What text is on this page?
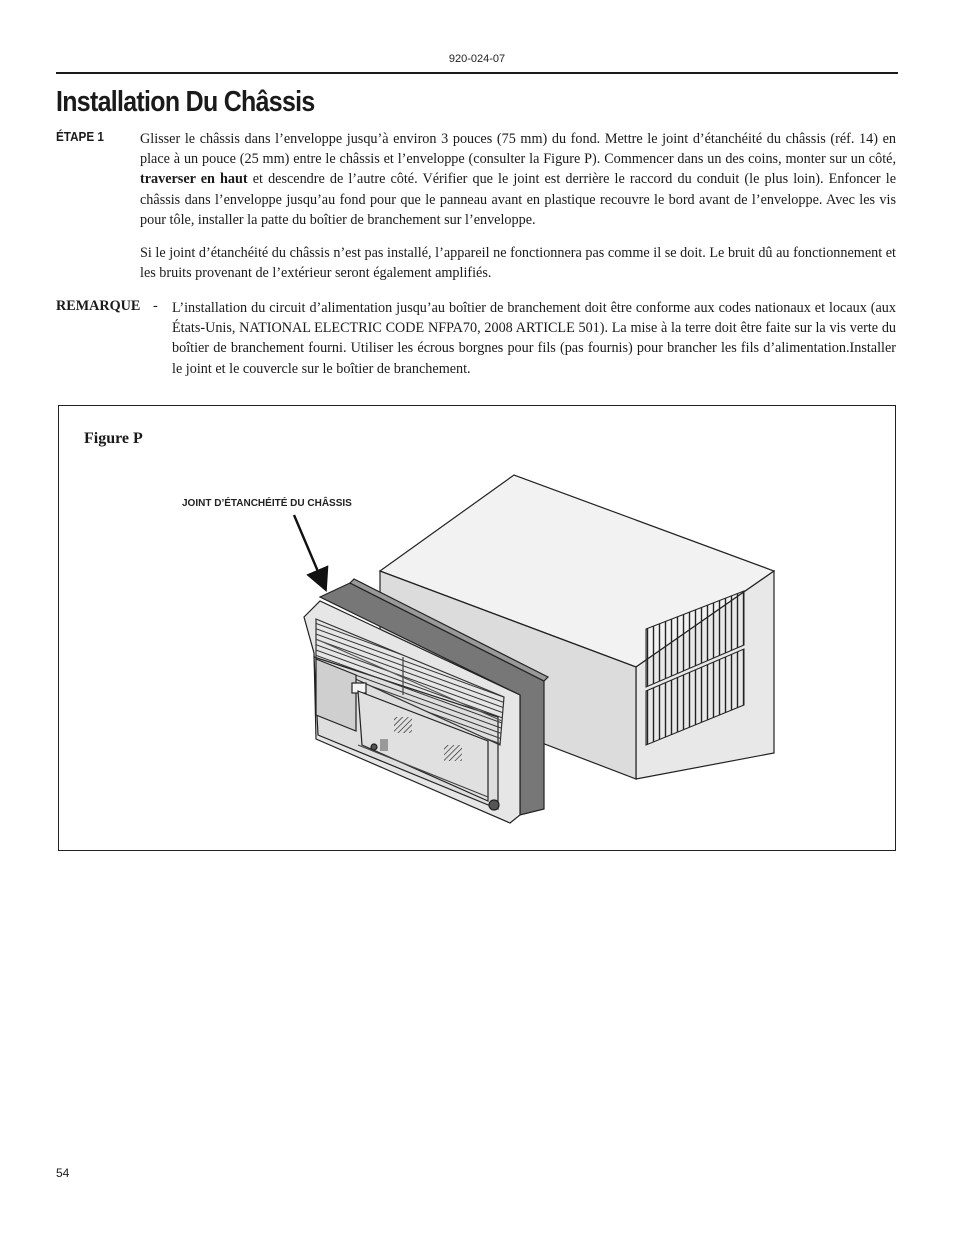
920-024-07
Installation Du Châssis
ÉTAPE 1	Glisser le châssis dans l’enveloppe jusqu’à environ 3 pouces (75 mm) du fond. Mettre le joint d’étanchéité du châssis (réf. 14) en place à un pouce (25 mm) entre le châssis et l’enveloppe (consulter la Figure P). Commencer dans un des coins, monter sur un côté, traverser en haut et descendre de l’autre côté. Vérifier que le joint est derrière le raccord du conduit (le plus loin). Enfoncer le châssis dans l’enveloppe jusqu’au fond pour que le panneau avant en plastique recouvre le bord avant de l’enveloppe. Avec les vis pour tôle, installer la patte du boîtier de branchement sur l’enveloppe.

Si le joint d’étanchéité du châssis n’est pas installé, l’appareil ne fonctionnera pas comme il se doit. Le bruit dû au fonctionnement et les bruits provenant de l’extérieur seront également amplifiés.

REMARQUE - L’installation du circuit d’alimentation jusqu’au boîtier de branchement doit être conforme aux codes nationaux et locaux (aux États-Unis, NATIONAL ELECTRIC CODE NFPA70, 2008 ARTICLE 501). La mise à la terre doit être faite sur la vis verte du boîtier de branchement fourni. Utiliser les écrous borgnes pour fils (pas fournis) pour brancher les fils d’alimentation.Installer le joint et le couvercle sur le boîtier de branchement.

Figure P
JOINT D’ÉTANCHÉITÉ DU CHÂSSIS
54
